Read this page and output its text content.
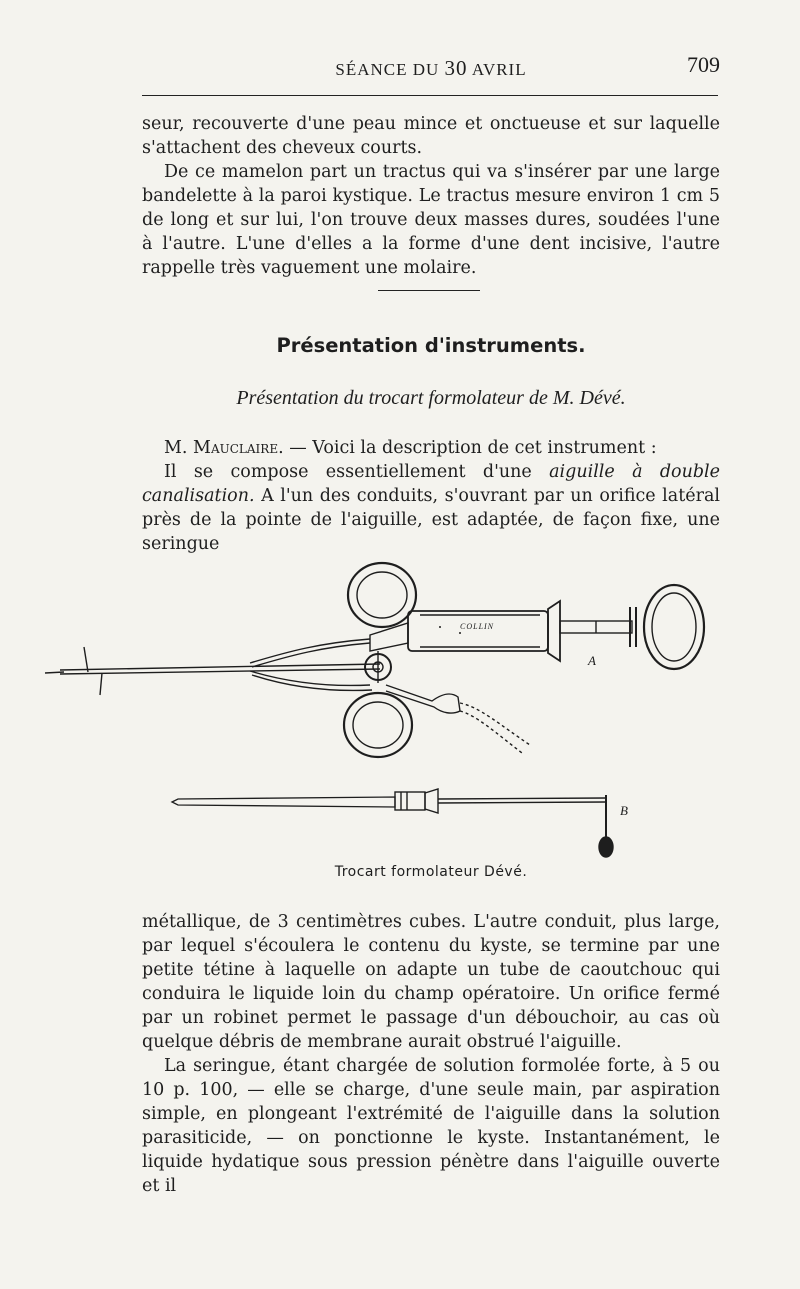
SÉANCE DU 30 AVRIL	709

seur, recouverte d'une peau mince et onctueuse et sur laquelle s'attachent des cheveux courts.

De ce mamelon part un tractus qui va s'insérer par une large bandelette à la paroi kystique. Le tractus mesure environ 1 cm 5 de long et sur lui, l'on trouve deux masses dures, soudées l'une à l'autre. L'une d'elles a la forme d'une dent incisive, l'autre rappelle très vaguement une molaire.

Présentation d'instruments.
Présentation du trocart formolateur de M. Dévé.

M. Mauclaire. — Voici la description de cet instrument :

Il se compose essentiellement d'une aiguille à double canalisation. A l'un des conduits, s'ouvrant par un orifice latéral près de la pointe de l'aiguille, est adaptée, de façon fixe, une seringue

COLLIN
A
B
Trocart formolateur Dévé.

métallique, de 3 centimètres cubes. L'autre conduit, plus large, par lequel s'écoulera le contenu du kyste, se termine par une petite tétine à laquelle on adapte un tube de caoutchouc qui conduira le liquide loin du champ opératoire. Un orifice fermé par un robinet permet le passage d'un débouchoir, au cas où quelque débris de membrane aurait obstrué l'aiguille.

La seringue, étant chargée de solution formolée forte, à 5 ou 10 p. 100, — elle se charge, d'une seule main, par aspiration simple, en plongeant l'extrémité de l'aiguille dans la solution parasiticide, — on ponctionne le kyste. Instantanément, le liquide hydatique sous pression pénètre dans l'aiguille ouverte et il
